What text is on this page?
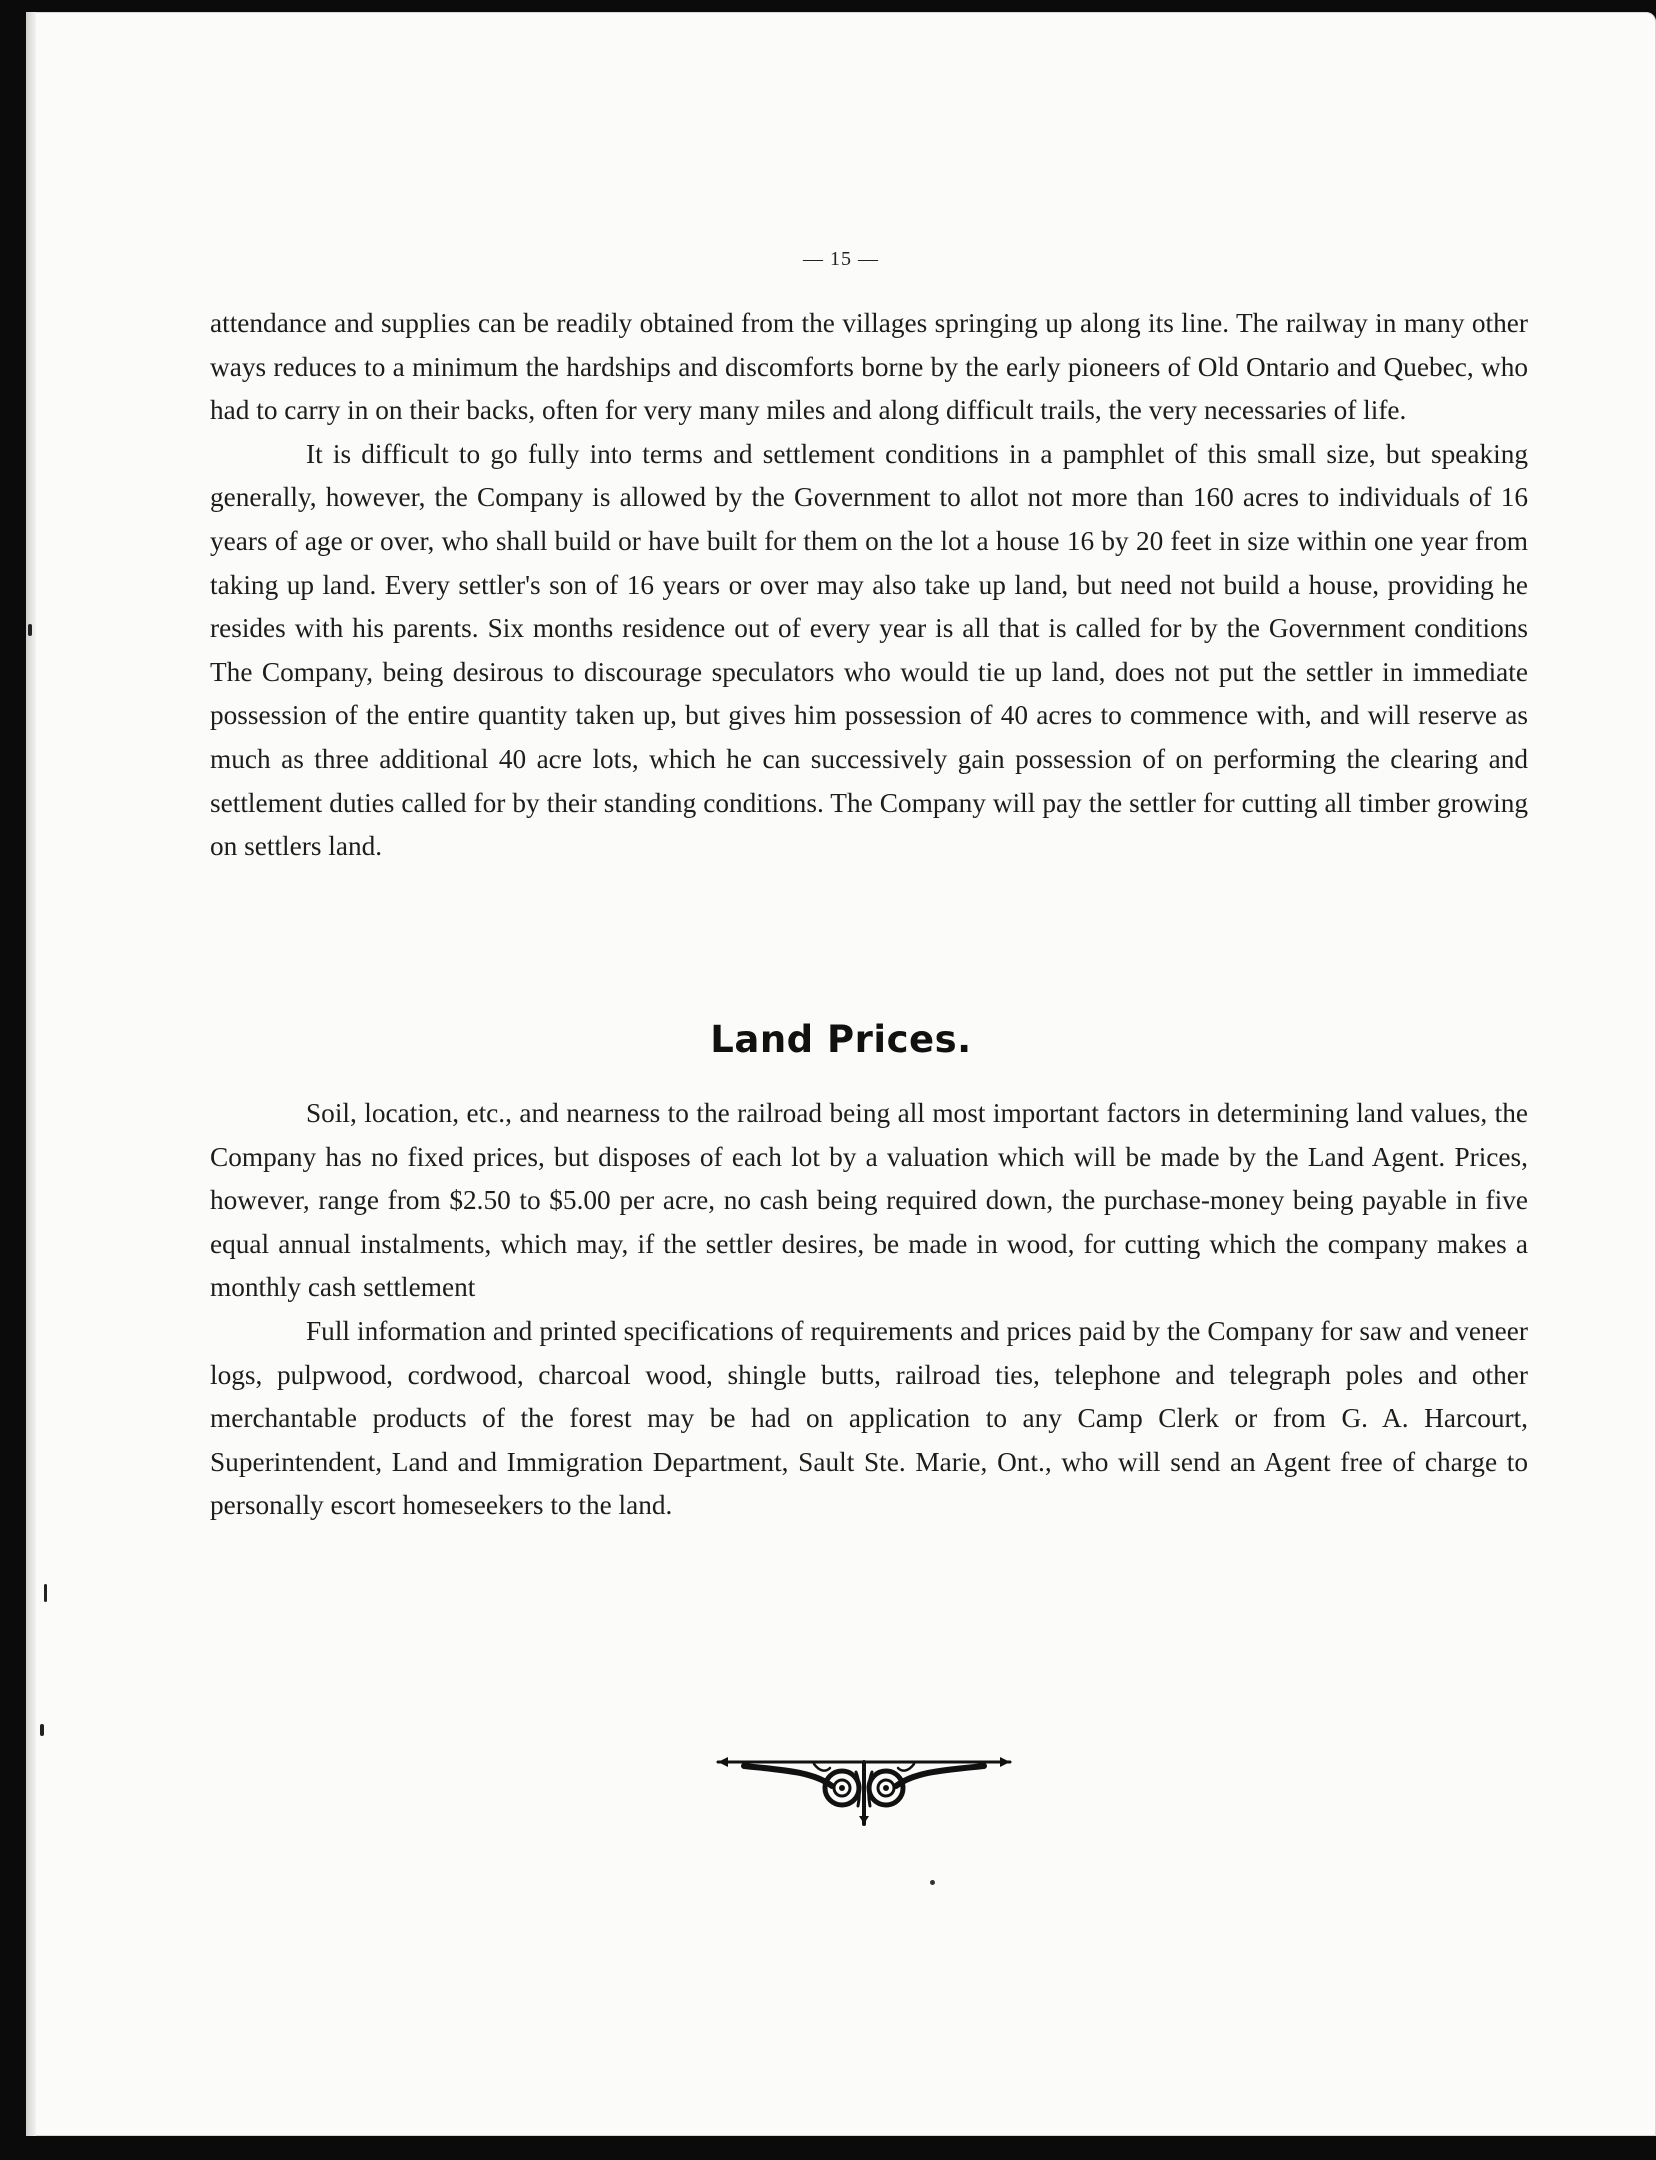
— 15 —

attendance and supplies can be readily obtained from the villages springing up along its line. The railway in many other ways reduces to a minimum the hardships and discomforts borne by the early pioneers of Old Ontario and Quebec, who had to carry in on their backs, often for very many miles and along difficult trails, the very necessaries of life.

It is difficult to go fully into terms and settlement conditions in a pamphlet of this small size, but speaking generally, however, the Company is allowed by the Government to allot not more than 160 acres to individuals of 16 years of age or over, who shall build or have built for them on the lot a house 16 by 20 feet in size within one year from taking up land. Every settler's son of 16 years or over may also take up land, but need not build a house, providing he resides with his parents. Six months residence out of every year is all that is called for by the Government conditions The Company, being desirous to discourage speculators who would tie up land, does not put the settler in immediate possession of the entire quantity taken up, but gives him possession of 40 acres to commence with, and will reserve as much as three additional 40 acre lots, which he can successively gain possession of on performing the clearing and settlement duties called for by their standing conditions. The Company will pay the settler for cutting all timber growing on settlers land.

Land Prices.

Soil, location, etc., and nearness to the railroad being all most important factors in determining land values, the Company has no fixed prices, but disposes of each lot by a valuation which will be made by the Land Agent. Prices, however, range from $2.50 to $5.00 per acre, no cash being required down, the purchase-money being payable in five equal annual instalments, which may, if the settler desires, be made in wood, for cutting which the company makes a monthly cash settlement

Full information and printed specifications of requirements and prices paid by the Company for saw and veneer logs, pulpwood, cordwood, charcoal wood, shingle butts, railroad ties, telephone and telegraph poles and other merchantable products of the forest may be had on application to any Camp Clerk or from G. A. Harcourt, Superintendent, Land and Immigration Department, Sault Ste. Marie, Ont., who will send an Agent free of charge to personally escort homeseekers to the land.
